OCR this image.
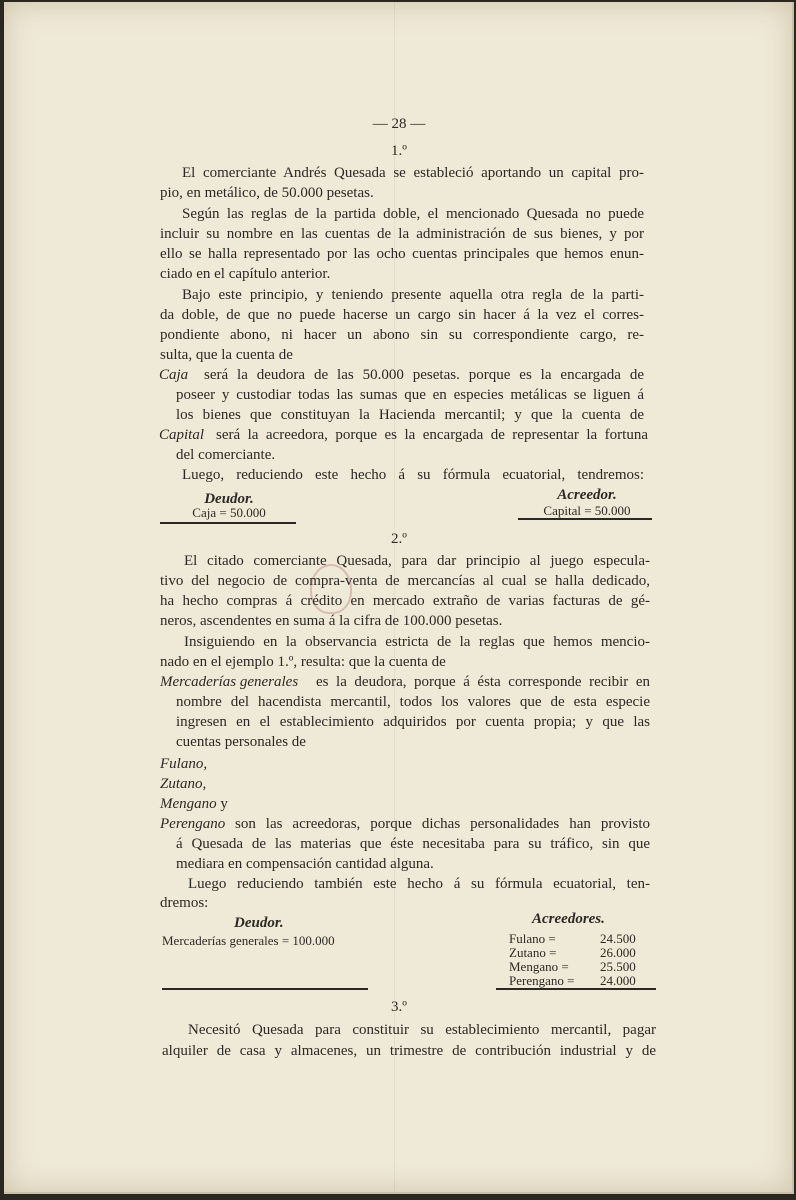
— 28 —
1.º
El comerciante Andrés Quesada se estableció aportando un capital pro-
pio, en metálico, de 50.000 pesetas.
Según las reglas de la partida doble, el mencionado Quesada no puede
incluir su nombre en las cuentas de la administración de sus bienes, y por
ello se halla representado por las ocho cuentas principales que hemos enun-
ciado en el capítulo anterior.
Bajo este principio, y teniendo presente aquella otra regla de la parti-
da doble, de que no puede hacerse un cargo sin hacer á la vez el corres-
pondiente abono, ni hacer un abono sin su correspondiente cargo, re-
sulta, que la cuenta de
Caja será la deudora de las 50.000 pesetas. porque es la encargada de
poseer y custodiar todas las sumas que en especies metálicas se liguen á
los bienes que constituyan la Hacienda mercantil; y que la cuenta de
Capital será la acreedora, porque es la encargada de representar la fortuna
del comerciante.
Luego, reduciendo este hecho á su fórmula ecuatorial, tendremos:
Deudor.
Caja = 50.000
Acreedor.
Capital = 50.000
2.º
El citado comerciante Quesada, para dar principio al juego especula-
tivo del negocio de compra-venta de mercancías al cual se halla dedicado,
ha hecho compras á crédito en mercado extraño de varias facturas de gé-
neros, ascendentes en suma á la cifra de 100.000 pesetas.
Insiguiendo en la observancia estricta de la reglas que hemos mencio-
nado en el ejemplo 1.º, resulta: que la cuenta de
Mercaderías generales es la deudora, porque á ésta corresponde recibir en
nombre del hacendista mercantil, todos los valores que de esta especie
ingresen en el establecimiento adquiridos por cuenta propia; y que las
cuentas personales de
Fulano,
Zutano,
Mengano y
Perengano son las acreedoras, porque dichas personalidades han provisto
á Quesada de las materias que éste necesitaba para su tráfico, sin que
mediara en compensación cantidad alguna.
Luego reduciendo también este hecho á su fórmula ecuatorial, ten-
dremos:
Deudor.
Mercaderías generales = 100.000
Acreedores.
Fulano =	24.500
Zutano =	26.000
Mengano = 25.500
Perengano = 24.000
3.º
Necesitó Quesada para constituir su establecimiento mercantil, pagar
alquiler de casa y almacenes, un trimestre de contribución industrial y de
